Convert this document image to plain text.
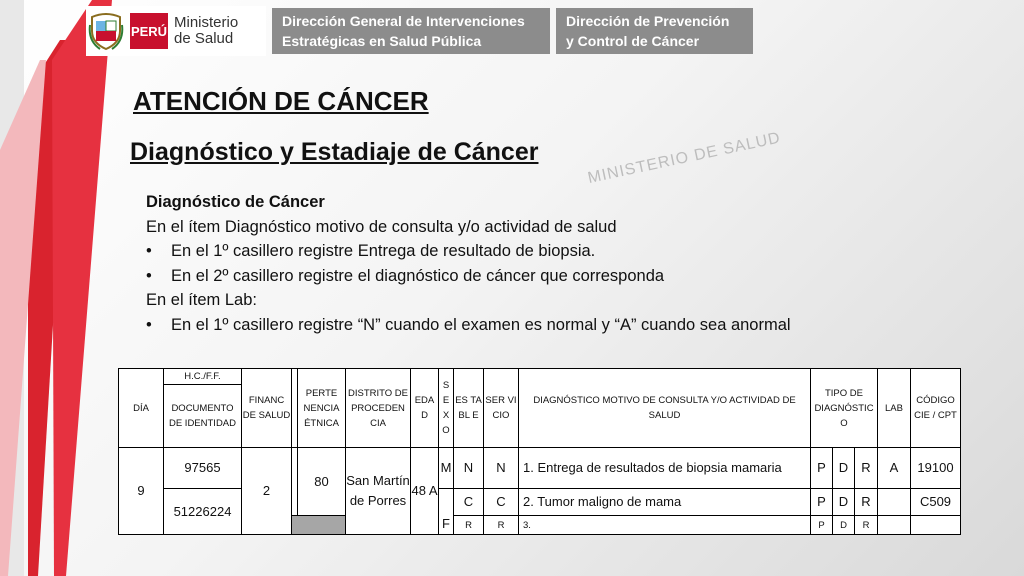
PERÚ Ministerio
de Salud
Dirección General de Intervenciones
Estratégicas en Salud Pública
Dirección de Prevención
y Control de Cáncer
MINISTERIO DE SALUD
ATENCIÓN DE CÁNCER
Diagnóstico y Estadiaje de Cáncer
Diagnóstico de Cáncer
En el ítem Diagnóstico motivo de consulta y/o actividad de salud
• En el 1º casillero registre Entrega de resultado de biopsia.
• En el 2º casillero registre el diagnóstico de cáncer que corresponda
En el ítem Lab:
• En el 1º casillero registre “N” cuando el examen es normal y “A” cuando sea anormal
DÍA	H.C./F.F.	FINANC DE SALUD		PERTE NENCIA ÉTNICA	DISTRITO DE PROCEDEN CIA	EDA D	S E X O	ES TA BL E	SER VI CIO	DIAGNÓSTICO MOTIVO DE CONSULTA Y/O ACTIVIDAD DE SALUD	TIPO DE DIAGNÓSTIC O			LAB	CÓDIGO CIE / CPT
	DOCUMENTO DE IDENTIDAD														
9	97565	2		80	San Martín de Porres	48 A	M	N	N	1. Entrega de resultados de biopsia mamaria	P	D	R	A	19100
	51226224						F	C	C	2. Tumor maligno de mama	P	D	R		C509
								R	R	3.	P	D	R		
